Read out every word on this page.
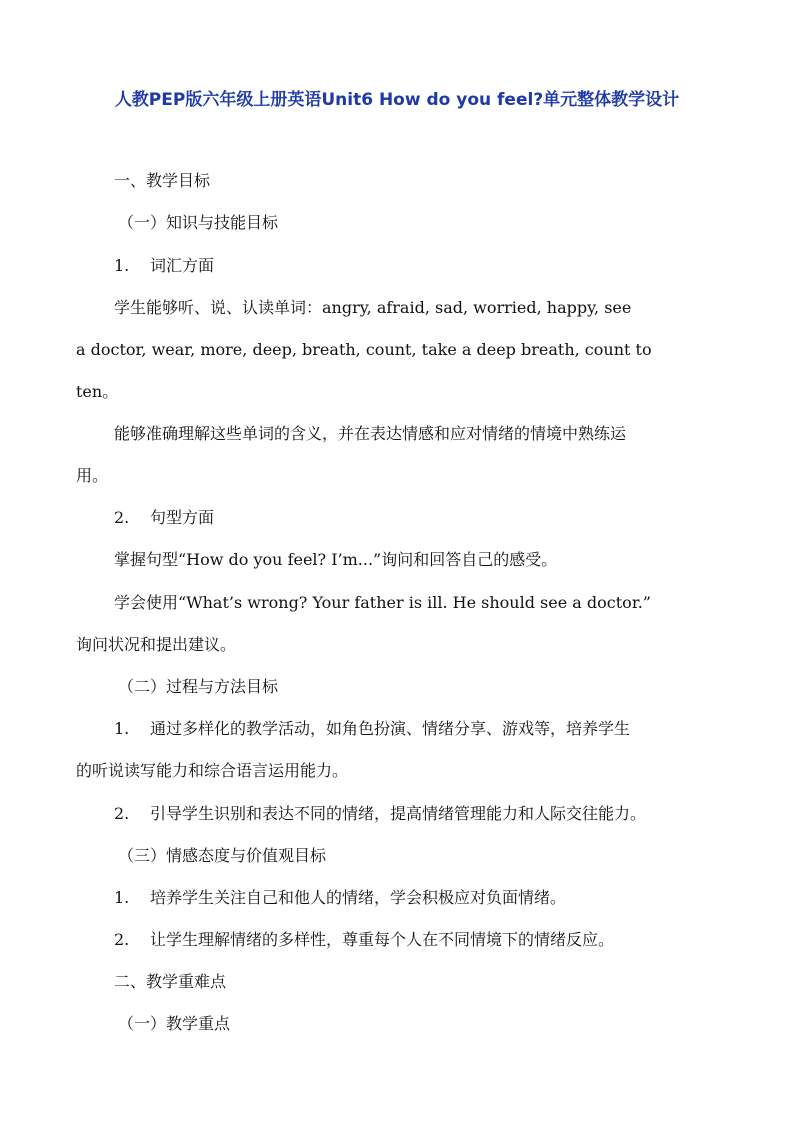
人教PEP版六年级上册英语Unit6 How do you feel?单元整体教学设计
一、教学目标
（一）知识与技能目标
1. 词汇方面
学生能够听、说、认读单词：angry, afraid, sad, worried, happy, see
a doctor, wear, more, deep, breath, count, take a deep breath, count to
ten。
能够准确理解这些单词的含义，并在表达情感和应对情绪的情境中熟练运
用。
2. 句型方面
掌握句型“How do you feel? I’m...”询问和回答自己的感受。
学会使用“What’s wrong? Your father is ill. He should see a doctor.”
询问状况和提出建议。
（二）过程与方法目标
1. 通过多样化的教学活动，如角色扮演、情绪分享、游戏等，培养学生
的听说读写能力和综合语言运用能力。
2. 引导学生识别和表达不同的情绪，提高情绪管理能力和人际交往能力。
（三）情感态度与价值观目标
1. 培养学生关注自己和他人的情绪，学会积极应对负面情绪。
2. 让学生理解情绪的多样性，尊重每个人在不同情境下的情绪反应。
二、教学重难点
（一）教学重点
